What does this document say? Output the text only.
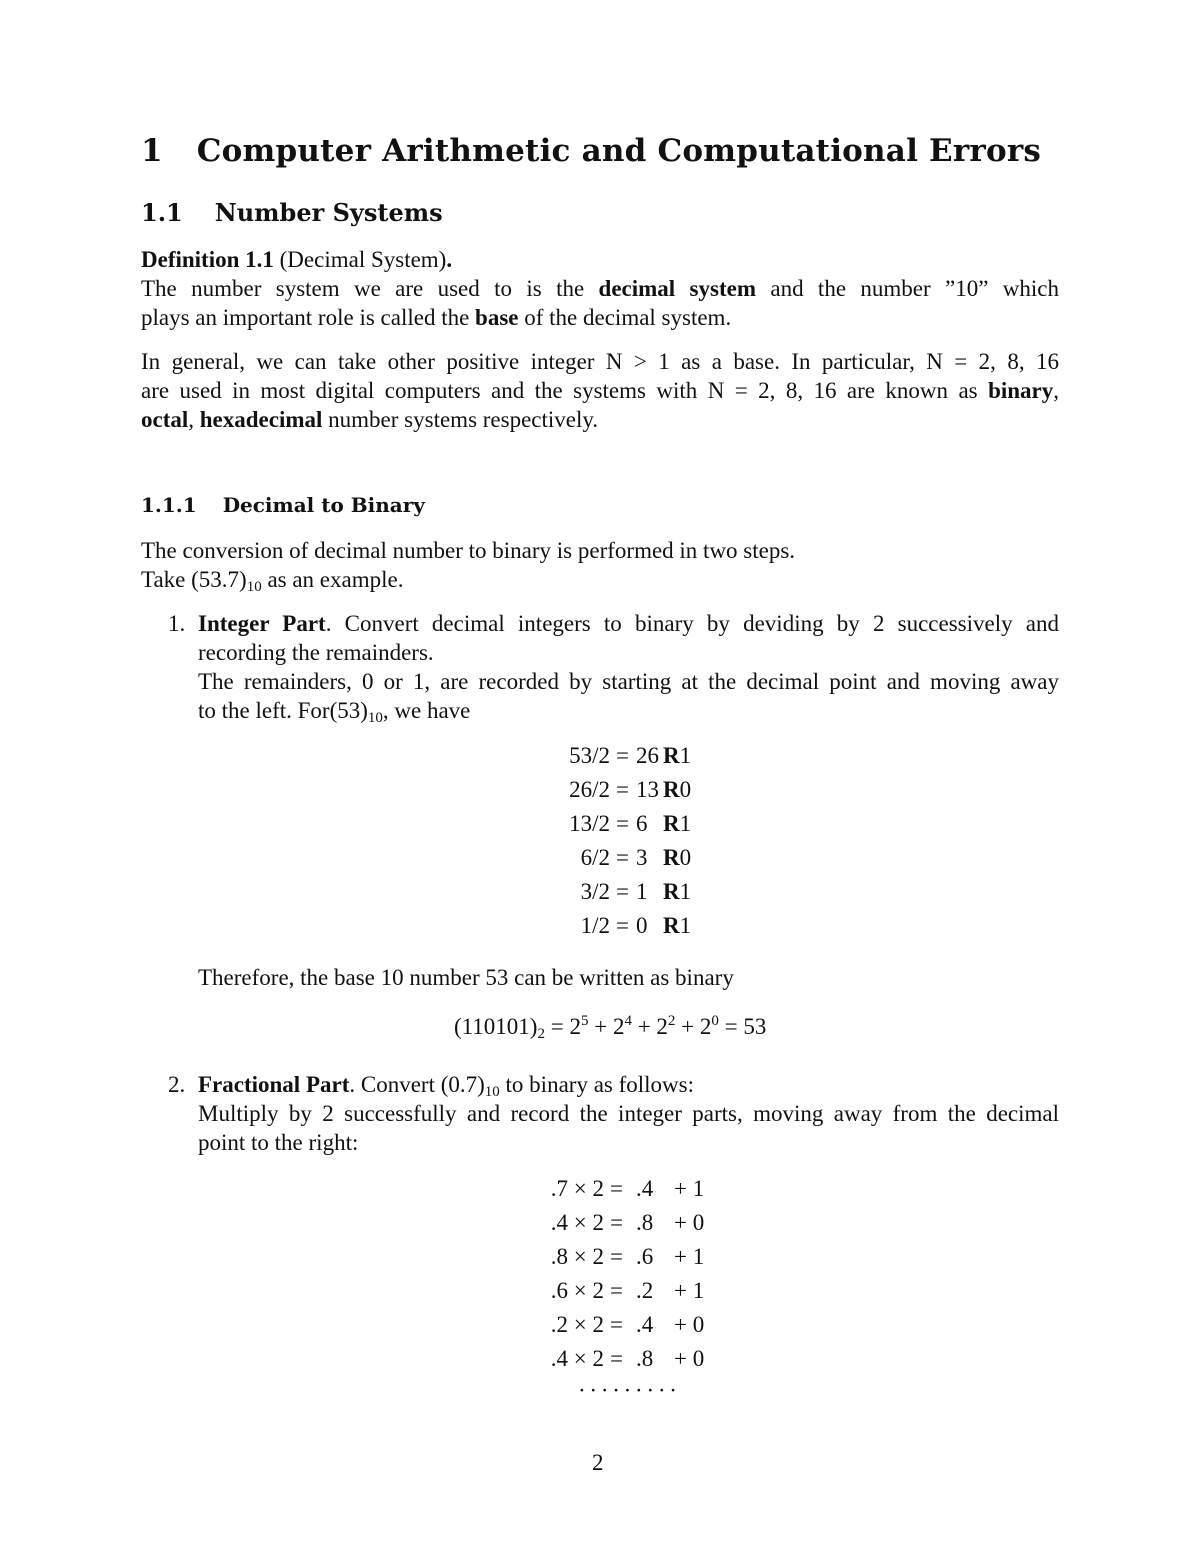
1 Computer Arithmetic and Computational Errors
1.1 Number Systems
Definition 1.1 (Decimal System).
The number system we are used to is the decimal system and the number ”10” which
plays an important role is called the base of the decimal system.
In general, we can take other positive integer N > 1 as a base. In particular, N = 2, 8, 16
are used in most digital computers and the systems with N = 2, 8, 16 are known as binary,
octal, hexadecimal number systems respectively.
1.1.1 Decimal to Binary
The conversion of decimal number to binary is performed in two steps.
Take $(53.7)_{10}$ as an example.
1. Integer Part. Convert decimal integers to binary by deviding by 2 successively and
recording the remainders.
The remainders, 0 or 1, are recorded by starting at the decimal point and moving away
to the left. $For(53)_{10}$, we have
53/2 = 26 R1
26/2 = 13 R0
13/2 = 6 R1
6/2 = 3 R0
3/2 = 1 R1
1/2 = 0 R1
Therefore, the base 10 number 53 can be written as binary
$(110101)_2 = 2^5 + 2^4 + 2^2 + 2^0 = 53$
2. Fractional Part. Convert $(0.7)_{10}$ to binary as follows:
Multiply by 2 successfully and record the integer parts, moving away from the decimal
point to the right:
.7 × 2 = .4 + 1
.4 × 2 = .8 + 0
.8 × 2 = .6 + 1
.6 × 2 = .2 + 1
.2 × 2 = .4 + 0
.4 × 2 = .8 + 0
· · · · · · · · ·
2
